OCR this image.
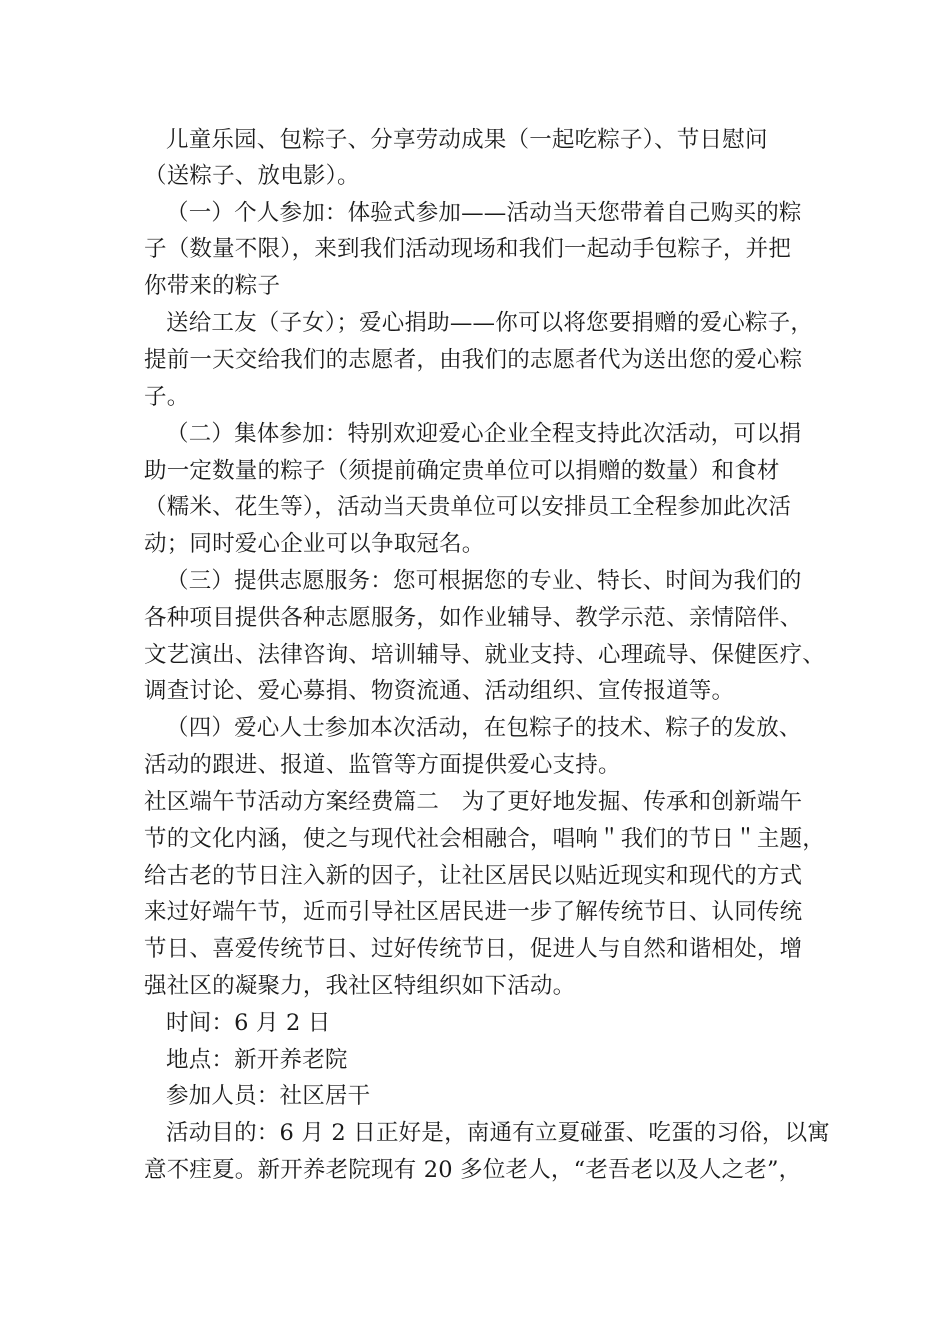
儿童乐园、包粽子、分享劳动成果（一起吃粽子）、节日慰问
（送粽子、放电影）。
（一）个人参加：体验式参加——活动当天您带着自己购买的粽
子（数量不限），来到我们活动现场和我们一起动手包粽子，并把
你带来的粽子
送给工友（子女）；爱心捐助——你可以将您要捐赠的爱心粽子，
提前一天交给我们的志愿者，由我们的志愿者代为送出您的爱心粽
子。
（二）集体参加：特别欢迎爱心企业全程支持此次活动，可以捐
助一定数量的粽子（须提前确定贵单位可以捐赠的数量）和食材
（糯米、花生等），活动当天贵单位可以安排员工全程参加此次活
动；同时爱心企业可以争取冠名。
（三）提供志愿服务：您可根据您的专业、特长、时间为我们的
各种项目提供各种志愿服务，如作业辅导、教学示范、亲情陪伴、
文艺演出、法律咨询、培训辅导、就业支持、心理疏导、保健医疗、
调查讨论、爱心募捐、物资流通、活动组织、宣传报道等。
（四）爱心人士参加本次活动，在包粽子的技术、粽子的发放、
活动的跟进、报道、监管等方面提供爱心支持。
社区端午节活动方案经费篇二　为了更好地发掘、传承和创新端午
节的文化内涵，使之与现代社会相融合，唱响＂我们的节日＂主题，
给古老的节日注入新的因子，让社区居民以贴近现实和现代的方式
来过好端午节，近而引导社区居民进一步了解传统节日、认同传统
节日、喜爱传统节日、过好传统节日，促进人与自然和谐相处，增
强社区的凝聚力，我社区特组织如下活动。
时间：6 月 2 日
地点：新开养老院
参加人员：社区居干
活动目的：6 月 2 日正好是，南通有立夏碰蛋、吃蛋的习俗，以寓
意不疰夏。新开养老院现有 20 多位老人，“老吾老以及人之老”，
